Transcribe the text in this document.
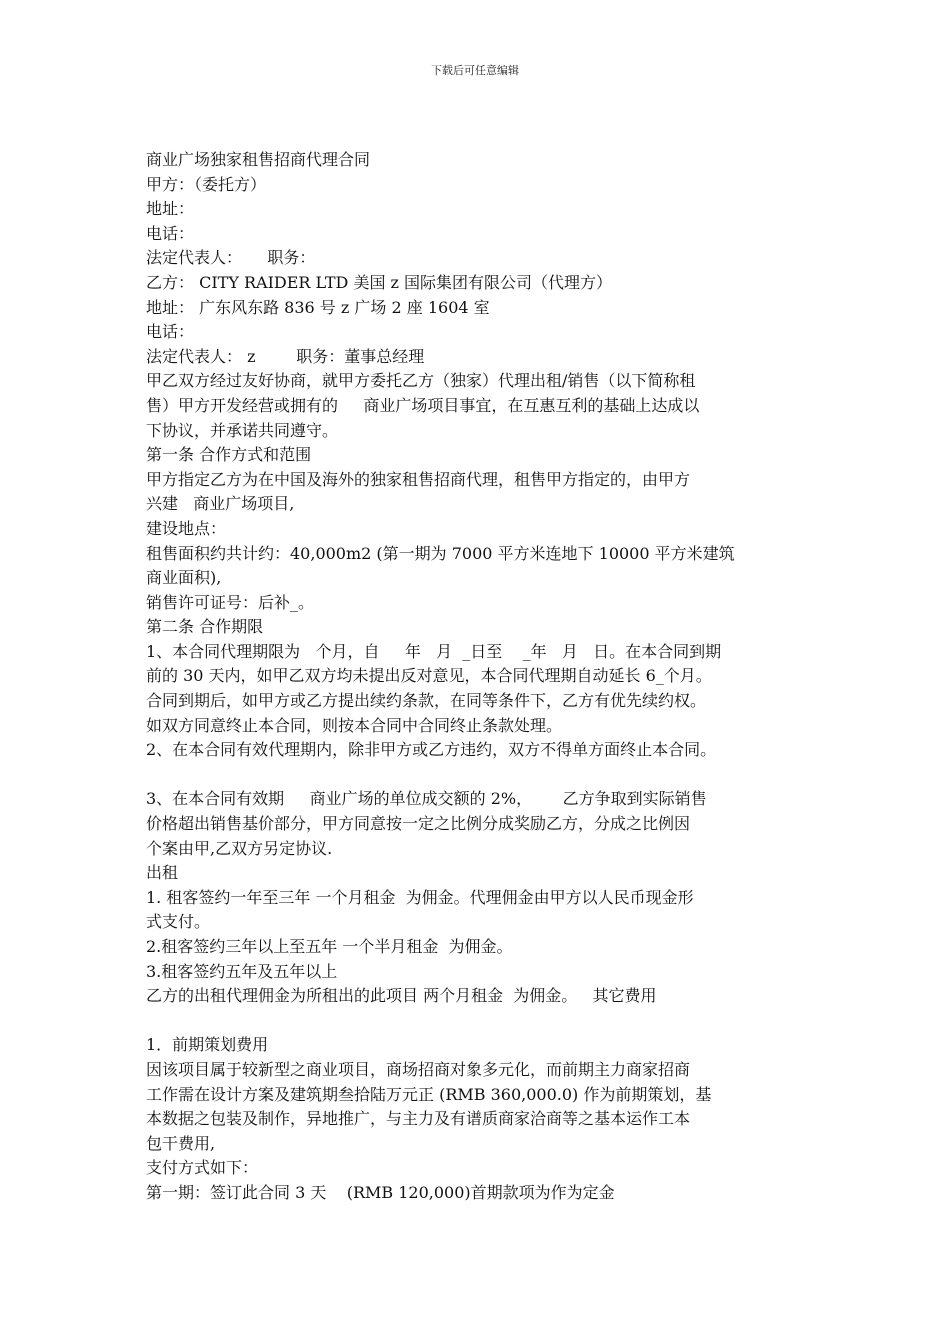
下载后可任意编辑
商业广场独家租售招商代理合同
甲方：（委托方）
地址：
电话：
法定代表人：     职务：
乙方： CITY RAIDER LTD 美国 z 国际集团有限公司（代理方）
地址： 广东风东路 836 号 z 广场 2 座 1604 室
电话：
法定代表人： z        职务：董事总经理
甲乙双方经过友好协商，就甲方委托乙方（独家）代理出租/销售（以下简称租
售）甲方开发经营或拥有的     商业广场项目事宜，在互惠互利的基础上达成以
下协议，并承诺共同遵守。
第一条 合作方式和范围
甲方指定乙方为在中国及海外的独家租售招商代理，租售甲方指定的，由甲方
兴建   商业广场项目,
建设地点：
租售面积约共计约：40,000m2 (第一期为 7000 平方米连地下 10000 平方米建筑
商业面积),
销售许可证号：后补_。
第二条 合作期限
1、本合同代理期限为   个月，自     年   月  _日至    _年   月   日。在本合同到期
前的 30 天内，如甲乙双方均未提出反对意见，本合同代理期自动延长 6_个月。
合同到期后，如甲方或乙方提出续约条款，在同等条件下，乙方有优先续约权。
如双方同意终止本合同，则按本合同中合同终止条款处理。
2、在本合同有效代理期内，除非甲方或乙方违约，双方不得单方面终止本合同。
3、在本合同有效期     商业广场的单位成交额的 2%，      乙方争取到实际销售
价格超出销售基价部分，甲方同意按一定之比例分成奖励乙方，分成之比例因
个案由甲,乙双方另定协议.
出租
1. 租客签约一年至三年 一个月租金  为佣金。代理佣金由甲方以人民币现金形
式支付。
2.租客签约三年以上至五年 一个半月租金  为佣金。
3.租客签约五年及五年以上
乙方的出租代理佣金为所租出的此项目 两个月租金  为佣金。   其它费用
1．前期策划费用
因该项目属于较新型之商业项目，商场招商对象多元化，而前期主力商家招商
工作需在设计方案及建筑期叁拾陆万元正 (RMB 360,000.0) 作为前期策划，基
本数据之包装及制作，异地推广，与主力及有谱质商家洽商等之基本运作工本
包干费用,
支付方式如下：
第一期：签订此合同 3 天    (RMB 120,000)首期款项为作为定金
